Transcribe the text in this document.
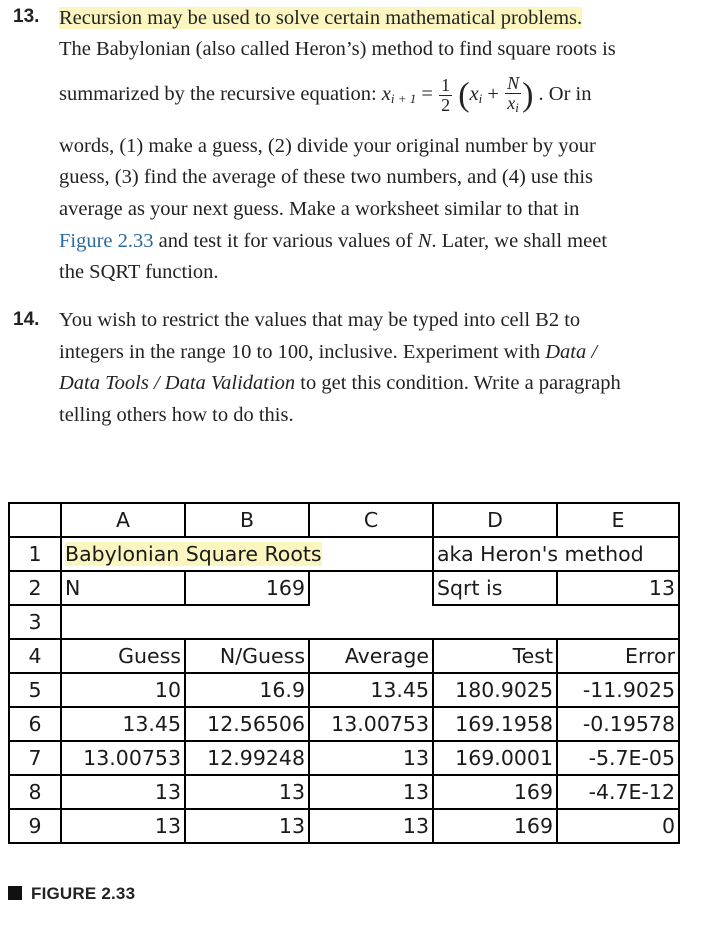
13. Recursion may be used to solve certain mathematical problems.
The Babylonian (also called Heron’s) method to find square roots is
summarized by the recursive equation: $x_{i + 1} = \frac{1}{2} (x_i + \frac{N}{x_i}$ ) . Or in
words, (1) make a guess, (2) divide your original number by your
guess, (3) find the average of these two numbers, and (4) use this
average as your next guess. Make a worksheet similar to that in
Figure 2.33 and test it for various values of N. Later, we shall meet
the SQRT function.
14. You wish to restrict the values that may be typed into cell B2 to
integers in the range 10 to 100, inclusive. Experiment with Data /
Data Tools / Data Validation to get this condition. Write a paragraph
telling others how to do this.
	A	B	C	D	E
1	Babylonian Square Roots			aka Heron's method	
2	N	169		Sqrt is	13
3					
4	Guess	N/Guess	Average	Test	Error
5	10	16.9	13.45	180.9025	-11.9025
6	13.45	12.56506	13.00753	169.1958	-0.19578
7	13.00753	12.99248	13	169.0001	-5.7E-05
8	13	13	13	169	-4.7E-12
9	13	13	13	169	0
FIGURE 2.33
